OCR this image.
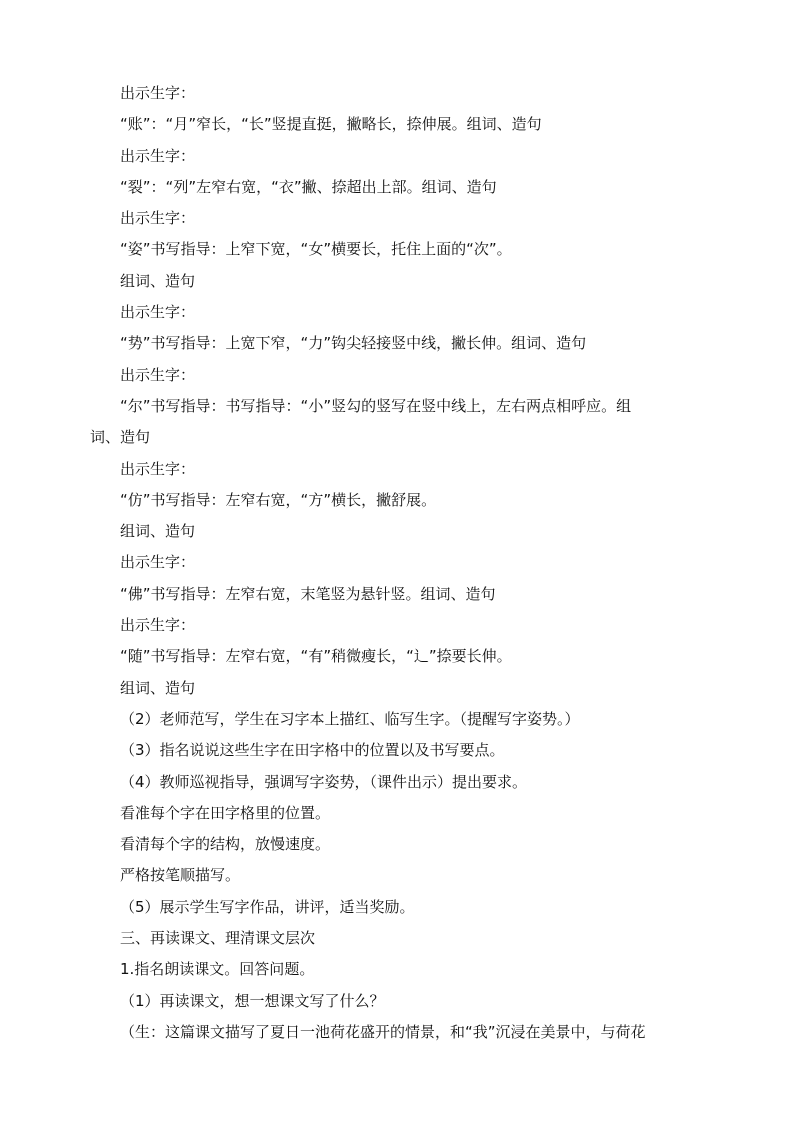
出示生字：
“账”：“月”窄长，“长”竖提直挺，撇略长，捺伸展。组词、造句
出示生字：
“裂”：“列”左窄右宽，“衣”撇、捺超出上部。组词、造句
出示生字：
“姿”书写指导：上窄下宽，“女”横要长，托住上面的“次”。
组词、造句
出示生字：
“势”书写指导：上宽下窄，“力”钩尖轻接竖中线，撇长伸。组词、造句
出示生字：
“尔”书写指导：书写指导：“小”竖勾的竖写在竖中线上，左右两点相呼应。组
词、造句
出示生字：
“仿”书写指导：左窄右宽，“方”横长，撇舒展。
组词、造句
出示生字：
“佛”书写指导：左窄右宽，末笔竖为悬针竖。组词、造句
出示生字：
“随”书写指导：左窄右宽，“有”稍微瘦长，“辶”捺要长伸。
组词、造句
（2）老师范写，学生在习字本上描红、临写生字。（提醒写字姿势。）
（3）指名说说这些生字在田字格中的位置以及书写要点。
（4）教师巡视指导，强调写字姿势，（课件出示）提出要求。
看准每个字在田字格里的位置。
看清每个字的结构，放慢速度。
严格按笔顺描写。
（5）展示学生写字作品，讲评，适当奖励。
三、再读课文、理清课文层次
1.指名朗读课文。回答问题。
（1）再读课文，想一想课文写了什么？
（生：这篇课文描写了夏日一池荷花盛开的情景，和“我”沉浸在美景中，与荷花
